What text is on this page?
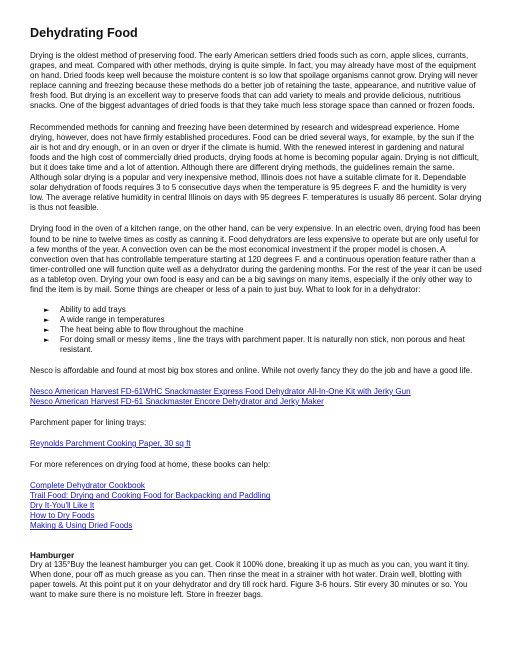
Dehydrating Food

Drying is the oldest method of preserving food. The early American settlers dried foods such as corn, apple slices, currants, grapes, and meat. Compared with other methods, drying is quite simple. In fact, you may already have most of the equipment on hand. Dried foods keep well because the moisture content is so low that spoilage organisms cannot grow. Drying will never replace canning and freezing because these methods do a better job of retaining the taste, appearance, and nutritive value of fresh food. But drying is an excellent way to preserve foods that can add variety to meals and provide delicious, nutritious snacks. One of the biggest advantages of dried foods is that they take much less storage space than canned or frozen foods.

Recommended methods for canning and freezing have been determined by research and widespread experience. Home drying, however, does not have firmly established procedures. Food can be dried several ways, for example, by the sun if the air is hot and dry enough, or in an oven or dryer if the climate is humid. With the renewed interest in gardening and natural foods and the high cost of commercially dried products, drying foods at home is becoming popular again. Drying is not difficult, but it does take time and a lot of attention. Although there are different drying methods, the guidelines remain the same. Although solar drying is a popular and very inexpensive method, Illinois does not have a suitable climate for it. Dependable solar dehydration of foods requires 3 to 5 consecutive days when the temperature is 95 degrees F. and the humidity is very low. The average relative humidity in central Illinois on days with 95 degrees F. temperatures is usually 86 percent. Solar drying is thus not feasible.

Drying food in the oven of a kitchen range, on the other hand, can be very expensive. In an electric oven, drying food has been found to be nine to twelve times as costly as canning it. Food dehydrators are less expensive to operate but are only useful for a few months of the year. A convection oven can be the most economical investment if the proper model is chosen. A convection oven that has controllable temperature starting at 120 degrees F. and a continuous operation feature rather than a timer-controlled one will function quite well as a dehydrator during the gardening months. For the rest of the year it can be used as a tabletop oven. Drying your own food is easy and can be a big savings on many items, especially if the only other way to find the item is by mail. Some things are cheaper or less of a pain to just buy. What to look for in a dehydrator:

► Ability to add trays
► A wide range in temperatures
► The heat being able to flow throughout the machine
► For doing small or messy items , line the trays with parchment paper. It is naturally non stick, non porous and heat resistant.

Nesco is affordable and found at most big box stores and online. While not overly fancy they do the job and have a good life.

Nesco American Harvest FD-61WHC Snackmaster Express Food Dehydrator All-In-One Kit with Jerky Gun
Nesco American Harvest FD-61 Snackmaster Encore Dehydrator and Jerky Maker

Parchment paper for lining trays:

Reynolds Parchment Cooking Paper, 30 sq ft

For more references on drying food at home, these books can help:

Complete Dehydrator Cookbook
Trail Food: Drying and Cooking Food for Backpacking and Paddling
Dry It-You'll Like It
How to Dry Foods
Making & Using Dried Foods
Hamburger

Dry at 135°Buy the leanest hamburger you can get. Cook it 100% done, breaking it up as much as you can, you want it tiny. When done, pour off as much grease as you can. Then rinse the meat in a strainer with hot water. Drain well, blotting with paper towels. At this point put it on your dehydrator and dry till rock hard. Figure 3-6 hours. Stir every 30 minutes or so. You want to make sure there is no moisture left. Store in freezer bags.
